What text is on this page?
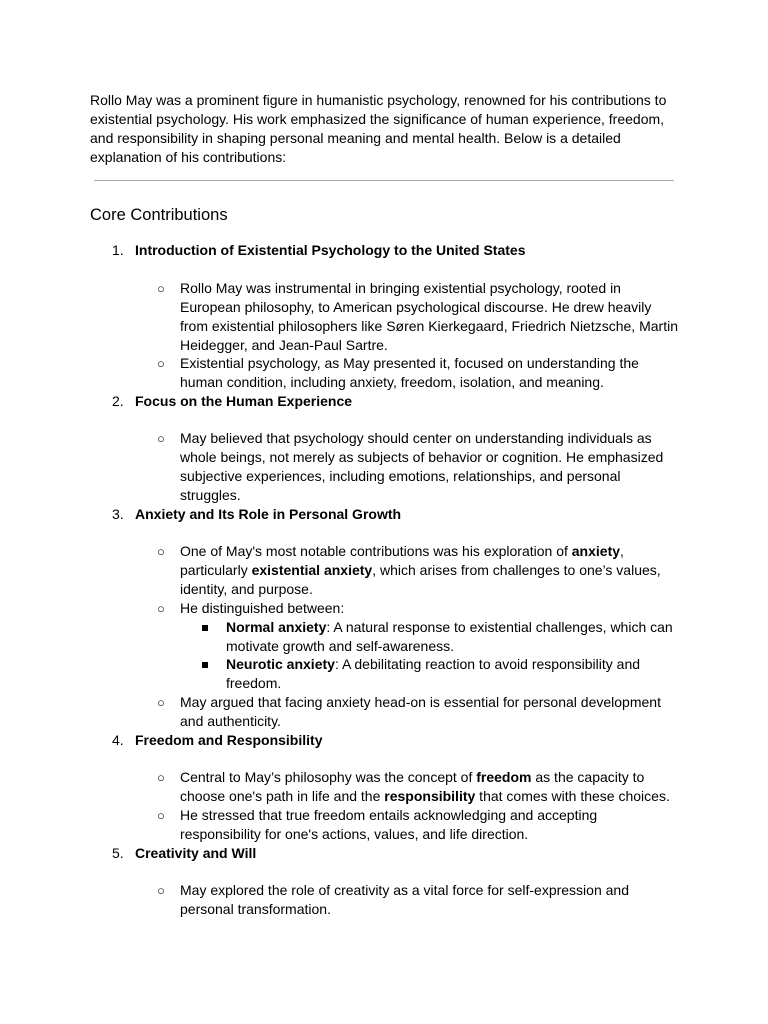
Rollo May was a prominent figure in humanistic psychology, renowned for his contributions to existential psychology. His work emphasized the significance of human experience, freedom, and responsibility in shaping personal meaning and mental health. Below is a detailed explanation of his contributions:

Core Contributions
1. Introduction of Existential Psychology to the United States
○ Rollo May was instrumental in bringing existential psychology, rooted in European philosophy, to American psychological discourse. He drew heavily from existential philosophers like Søren Kierkegaard, Friedrich Nietzsche, Martin Heidegger, and Jean-Paul Sartre.
○ Existential psychology, as May presented it, focused on understanding the human condition, including anxiety, freedom, isolation, and meaning.
2. Focus on the Human Experience
○ May believed that psychology should center on understanding individuals as whole beings, not merely as subjects of behavior or cognition. He emphasized subjective experiences, including emotions, relationships, and personal struggles.
3. Anxiety and Its Role in Personal Growth
○ One of May's most notable contributions was his exploration of anxiety, particularly existential anxiety, which arises from challenges to one’s values, identity, and purpose.
○ He distinguished between:
Normal anxiety: A natural response to existential challenges, which can motivate growth and self-awareness.
Neurotic anxiety: A debilitating reaction to avoid responsibility and freedom.
○ May argued that facing anxiety head-on is essential for personal development and authenticity.
4. Freedom and Responsibility
○ Central to May’s philosophy was the concept of freedom as the capacity to choose one's path in life and the responsibility that comes with these choices.
○ He stressed that true freedom entails acknowledging and accepting responsibility for one's actions, values, and life direction.
5. Creativity and Will
○ May explored the role of creativity as a vital force for self-expression and personal transformation.
